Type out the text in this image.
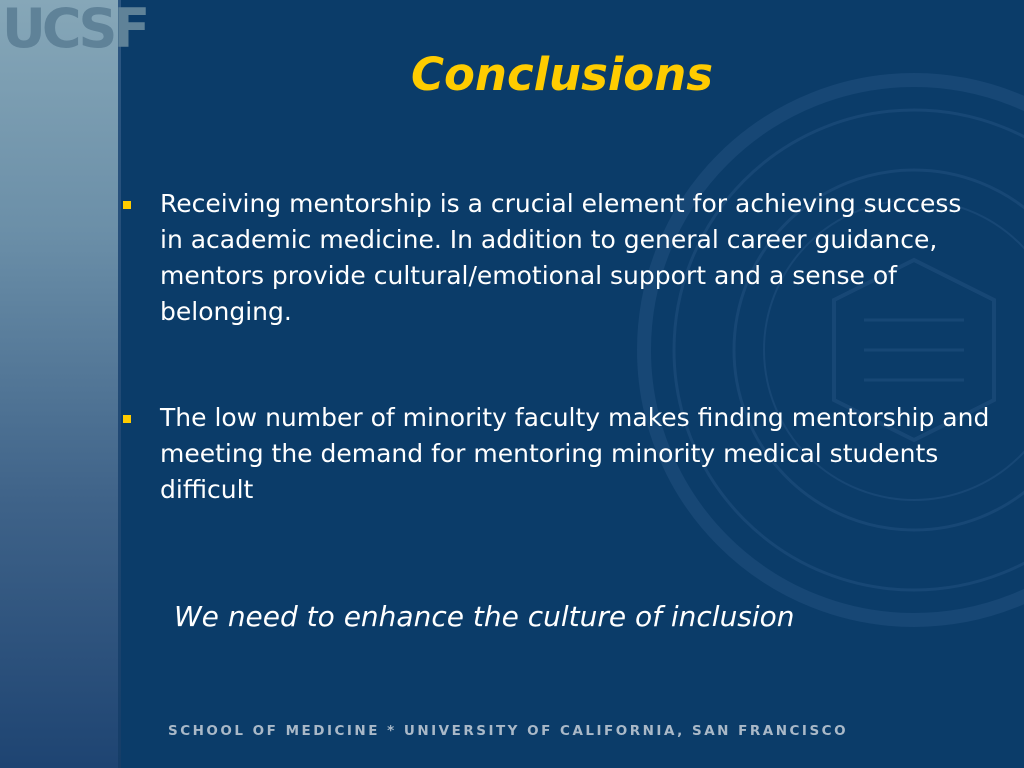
UCSF
Conclusions
Receiving mentorship is a crucial element for achieving success in academic medicine. In addition to general career guidance, mentors provide cultural/emotional support and a sense of belonging.
The low number of minority faculty makes finding mentorship and meeting the demand for mentoring minority medical students difficult

We need to enhance the culture of inclusion

SCHOOL OF MEDICINE * UNIVERSITY OF CALIFORNIA, SAN FRANCISCO
